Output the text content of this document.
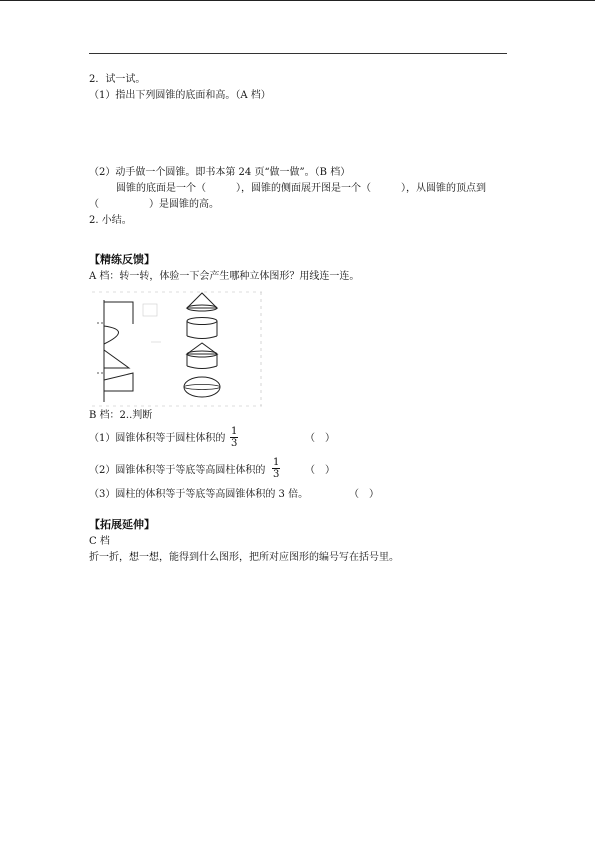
2．试一试。
（1）指出下列圆锥的底面和高。（A 档）
（2）动手做一个圆锥。即书本第 24 页“做一做”。（B 档）
圆锥的底面是一个（　　　），圆锥的侧面展开图是一个（　　　），从圆锥的顶点到
（　　　　　）是圆锥的高。
2. 小结。
【精练反馈】
A 档：转一转，体验一下会产生哪种立体图形？用线连一连。
B 档：2..判断
（1）圆锥体积等于圆柱体积的 $\frac{1}{3}$	（　）
（2）圆锥体积等于等底等高圆柱体积的 $\frac{1}{3}$ （　）
（3）圆柱的体积等于等底等高圆锥体积的 3 倍。	（　）
【拓展延伸】
C 档
折一折，想一想，能得到什么图形，把所对应图形的编号写在括号里。
